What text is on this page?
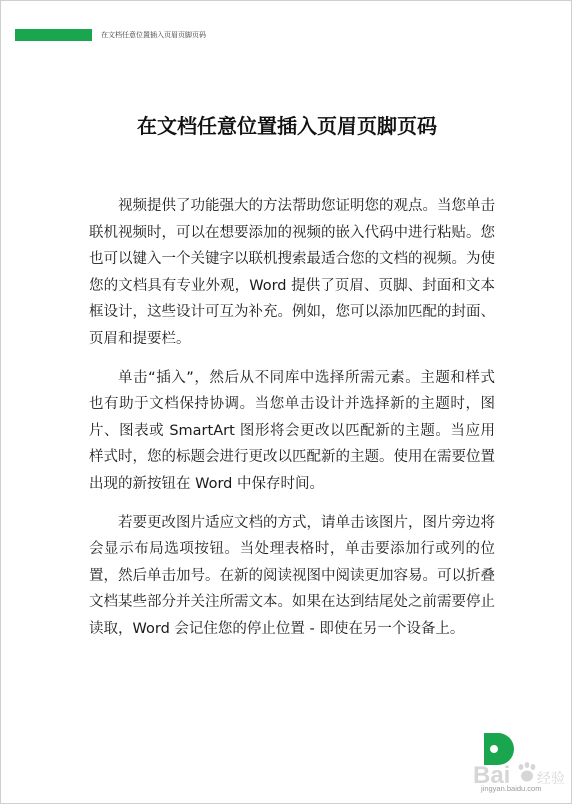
在文档任意位置插入页眉页脚页码
在文档任意位置插入页眉页脚页码

视频提供了功能强大的方法帮助您证明您的观点。当您单击联机视频时，可以在想要添加的视频的嵌入代码中进行粘贴。您也可以键入一个关键字以联机搜索最适合您的文档的视频。为使您的文档具有专业外观，Word 提供了页眉、页脚、封面和文本框设计，这些设计可互为补充。例如，您可以添加匹配的封面、页眉和提要栏。

单击“插入”，然后从不同库中选择所需元素。主题和样式也有助于文档保持协调。当您单击设计并选择新的主题时，图片、图表或 SmartArt 图形将会更改以匹配新的主题。当应用样式时，您的标题会进行更改以匹配新的主题。使用在需要位置出现的新按钮在 Word 中保存时间。

若要更改图片适应文档的方式，请单击该图片，图片旁边将会显示布局选项按钮。当处理表格时，单击要添加行或列的位置，然后单击加号。在新的阅读视图中阅读更加容易。可以折叠文档某些部分并关注所需文本。如果在达到结尾处之前需要停止读取，Word 会记住您的停止位置 - 即使在另一个设备上。

Bai 经验
jingyan.baidu.com
